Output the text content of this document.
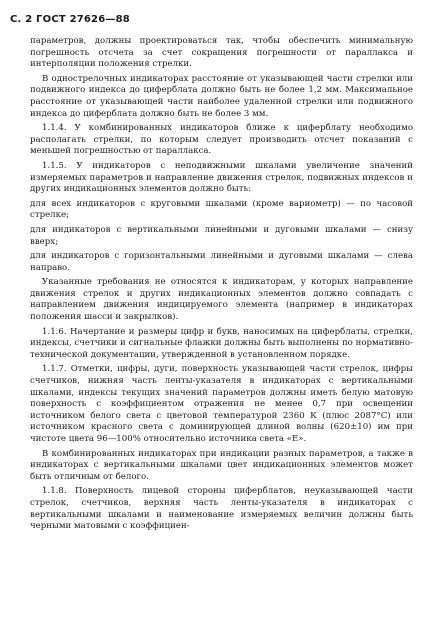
С. 2 ГОСТ 27626—88

параметров, должны проектироваться так, чтобы обеспечить минимальную погрешность отсчета за счет сокращения погрешности от параллакса и интерполяции положения стрелки.

В однострелочных индикаторах расстояние от указывающей части стрелки или подвижного индекса до циферблата должно быть не более 1,2 мм. Максимальное расстояние от указывающей части наиболее удаленной стрелки или подвижного индекса до циферблата должно быть не более 3 мм.

1.1.4. У комбинированных индикаторов ближе к циферблату необходимо располагать стрелки, по которым следует производить отсчет показаний с меньшей погрешностью от параллакса.

1.1.5. У индикаторов с неподвижными шкалами увеличение значений измеряемых параметров и направление движения стрелок, подвижных индексов и других индикационных элементов должно быть:

для всех индикаторов с круговыми шкалами (кроме вариометр) — по часовой стрелке;

для индикаторов с вертикальными линейными и дуговыми шкалами — снизу вверх;

для индикаторов с горизонтальными линейными и дуговыми шкалами — слева направо.

Указанные требования не относятся к индикаторам, у которых направление движения стрелок и других индикационных элементов должно совпадать с направлением движения индицируемого элемента (например в индикаторах положения шасси и закрылков).

1.1.6. Начертание и размеры цифр и букв, наносимых на циферблаты, стрелки, индексы, счетчики и сигнальные флажки должны быть выполнены по нормативно-технической документации, утвержденной в установленном порядке.

1.1.7. Отметки, цифры, дуги, поверхность указывающей части стрелок, цифры счетчиков, нижняя часть ленты-указателя в индикаторах с вертикальными шкалами, индексы текущих значений параметров должны иметь белую матовую поверхность с коэффициентом отражения не менее 0,7 при освещении источником белого света с цветовой температурой 2360 К (плюс 2087°С) или источником красного света с доминирующей длиной волны (620±10) им при чистоте цвета 96—100% относительно источника света «Е».

В комбинированных индикаторах при индикации разных параметров, а также в индикаторах с вертикальными шкалами цвет индикационных элементов может быть отличным от белого.

1.1.8. Поверхность лицевой стороны циферблатов, неуказывающей части стрелок, счетчиков, верхняя часть ленты-указателя в индикаторах с вертикальными шкалами и наименование измеряемых величин должны быть черными матовыми с коэффициен-
